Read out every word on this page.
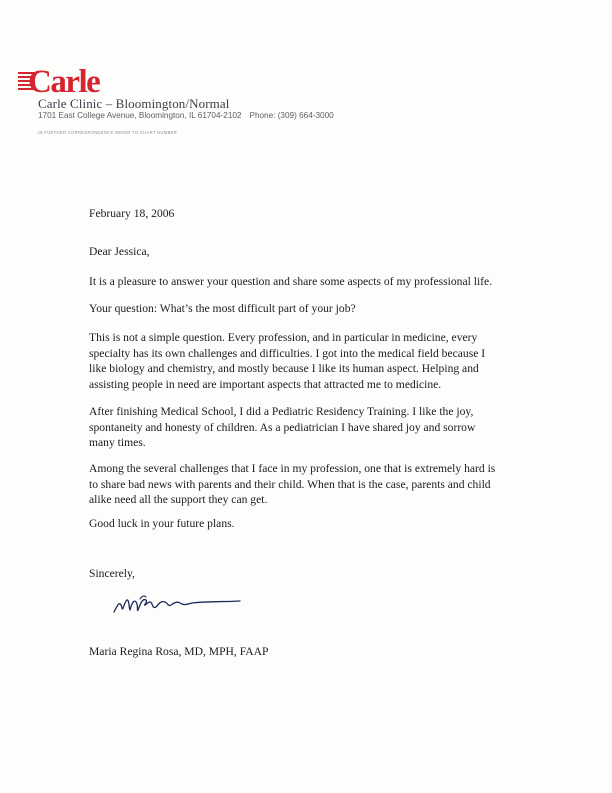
Carle
Carle Clinic – Bloomington/Normal
1701 East College Avenue, Bloomington, IL 61704-2102 Phone: (309) 664-3000
IN FURTHER CORRESPONDENCE REFER TO CHART NUMBER
February 18, 2006
Dear Jessica,
It is a pleasure to answer your question and share some aspects of my professional life.
Your question: What’s the most difficult part of your job?
This is not a simple question. Every profession, and in particular in medicine, every
specialty has its own challenges and difficulties. I got into the medical field because I
like biology and chemistry, and mostly because I like its human aspect. Helping and
assisting people in need are important aspects that attracted me to medicine.
After finishing Medical School, I did a Pediatric Residency Training. I like the joy,
spontaneity and honesty of children. As a pediatrician I have shared joy and sorrow
many times.
Among the several challenges that I face in my profession, one that is extremely hard is
to share bad news with parents and their child. When that is the case, parents and child
alike need all the support they can get.
Good luck in your future plans.
Sincerely,
Maria Regina Rosa, MD, MPH, FAAP
